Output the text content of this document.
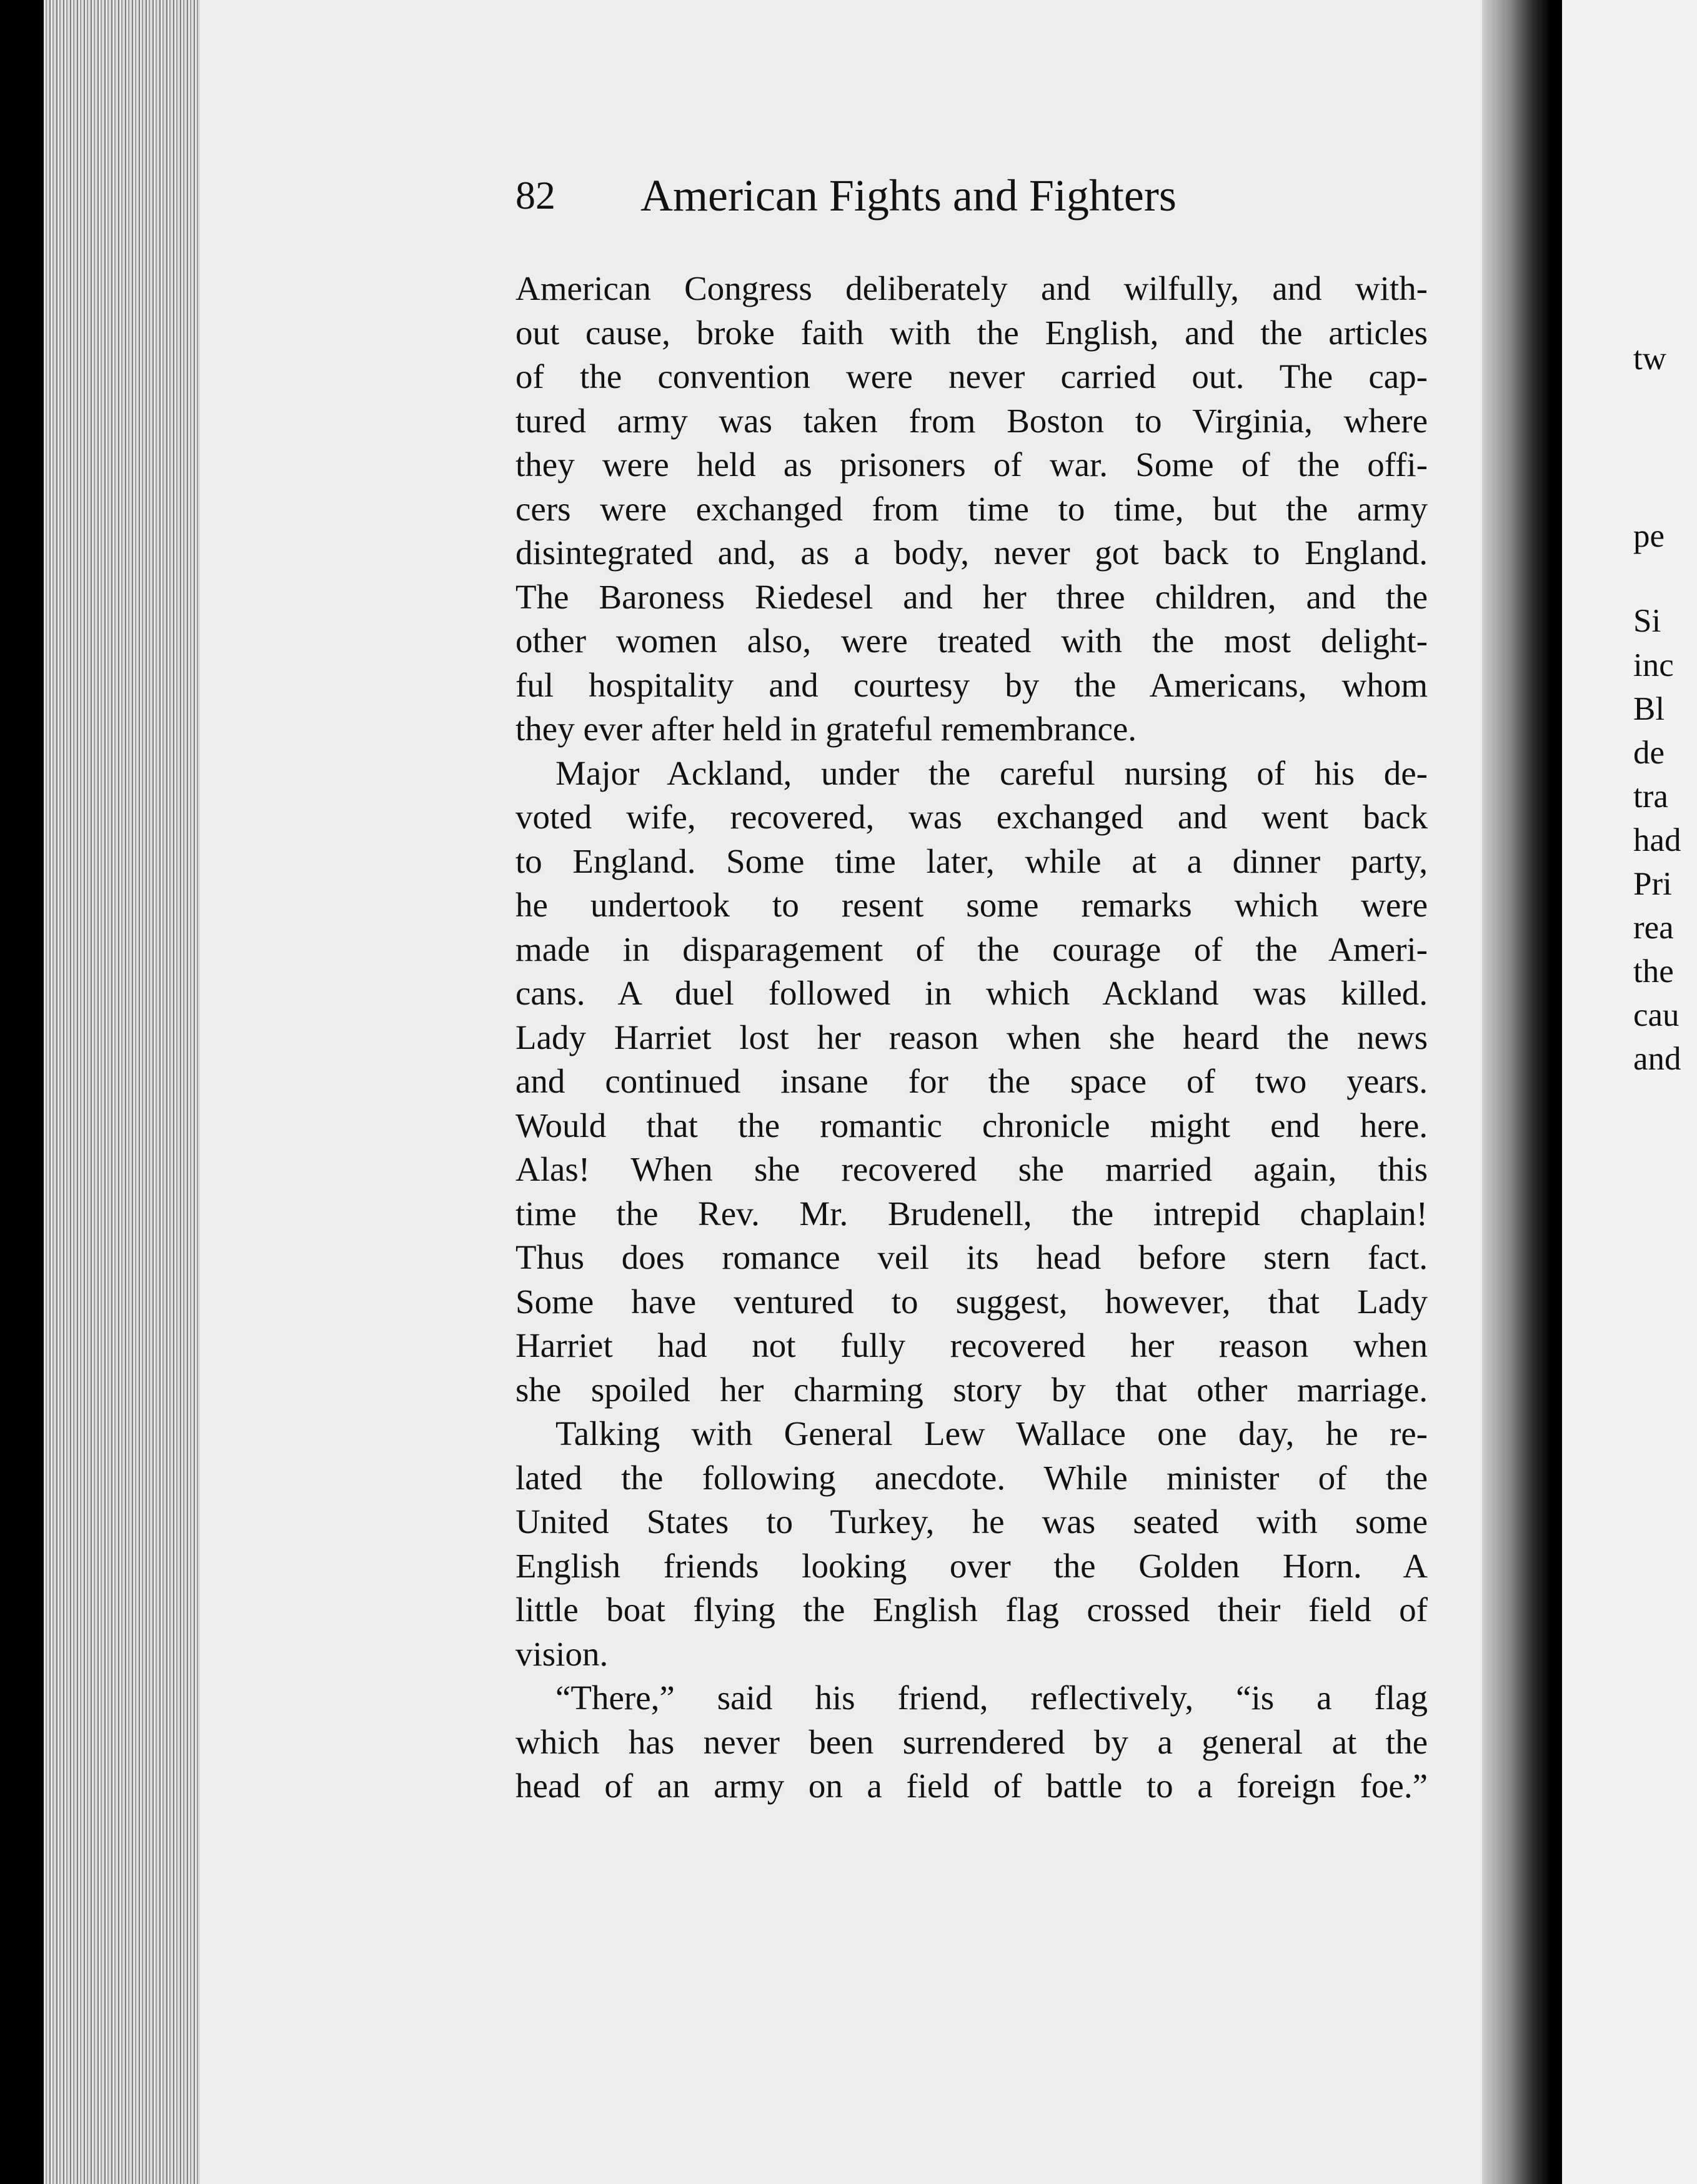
tw
pe
Si
inc
Bl
de
tra
had
Pri
rea
the
cau
and
82 American Fights and Fighters
American Congress deliberately and wilfully, and with-
out cause, broke faith with the English, and the articles
of the convention were never carried out. The cap-
tured army was taken from Boston to Virginia, where
they were held as prisoners of war. Some of the offi-
cers were exchanged from time to time, but the army
disintegrated and, as a body, never got back to England.
The Baroness Riedesel and her three children, and the
other women also, were treated with the most delight-
ful hospitality and courtesy by the Americans, whom
they ever after held in grateful remembrance.
Major Ackland, under the careful nursing of his de-
voted wife, recovered, was exchanged and went back
to England. Some time later, while at a dinner party,
he undertook to resent some remarks which were
made in disparagement of the courage of the Ameri-
cans. A duel followed in which Ackland was killed.
Lady Harriet lost her reason when she heard the news
and continued insane for the space of two years.
Would that the romantic chronicle might end here.
Alas! When she recovered she married again, this
time the Rev. Mr. Brudenell, the intrepid chaplain!
Thus does romance veil its head before stern fact.
Some have ventured to suggest, however, that Lady
Harriet had not fully recovered her reason when
she spoiled her charming story by that other marriage.
Talking with General Lew Wallace one day, he re-
lated the following anecdote. While minister of the
United States to Turkey, he was seated with some
English friends looking over the Golden Horn. A
little boat flying the English flag crossed their field of
vision.
“There,” said his friend, reflectively, “is a flag
which has never been surrendered by a general at the
head of an army on a field of battle to a foreign foe.”
